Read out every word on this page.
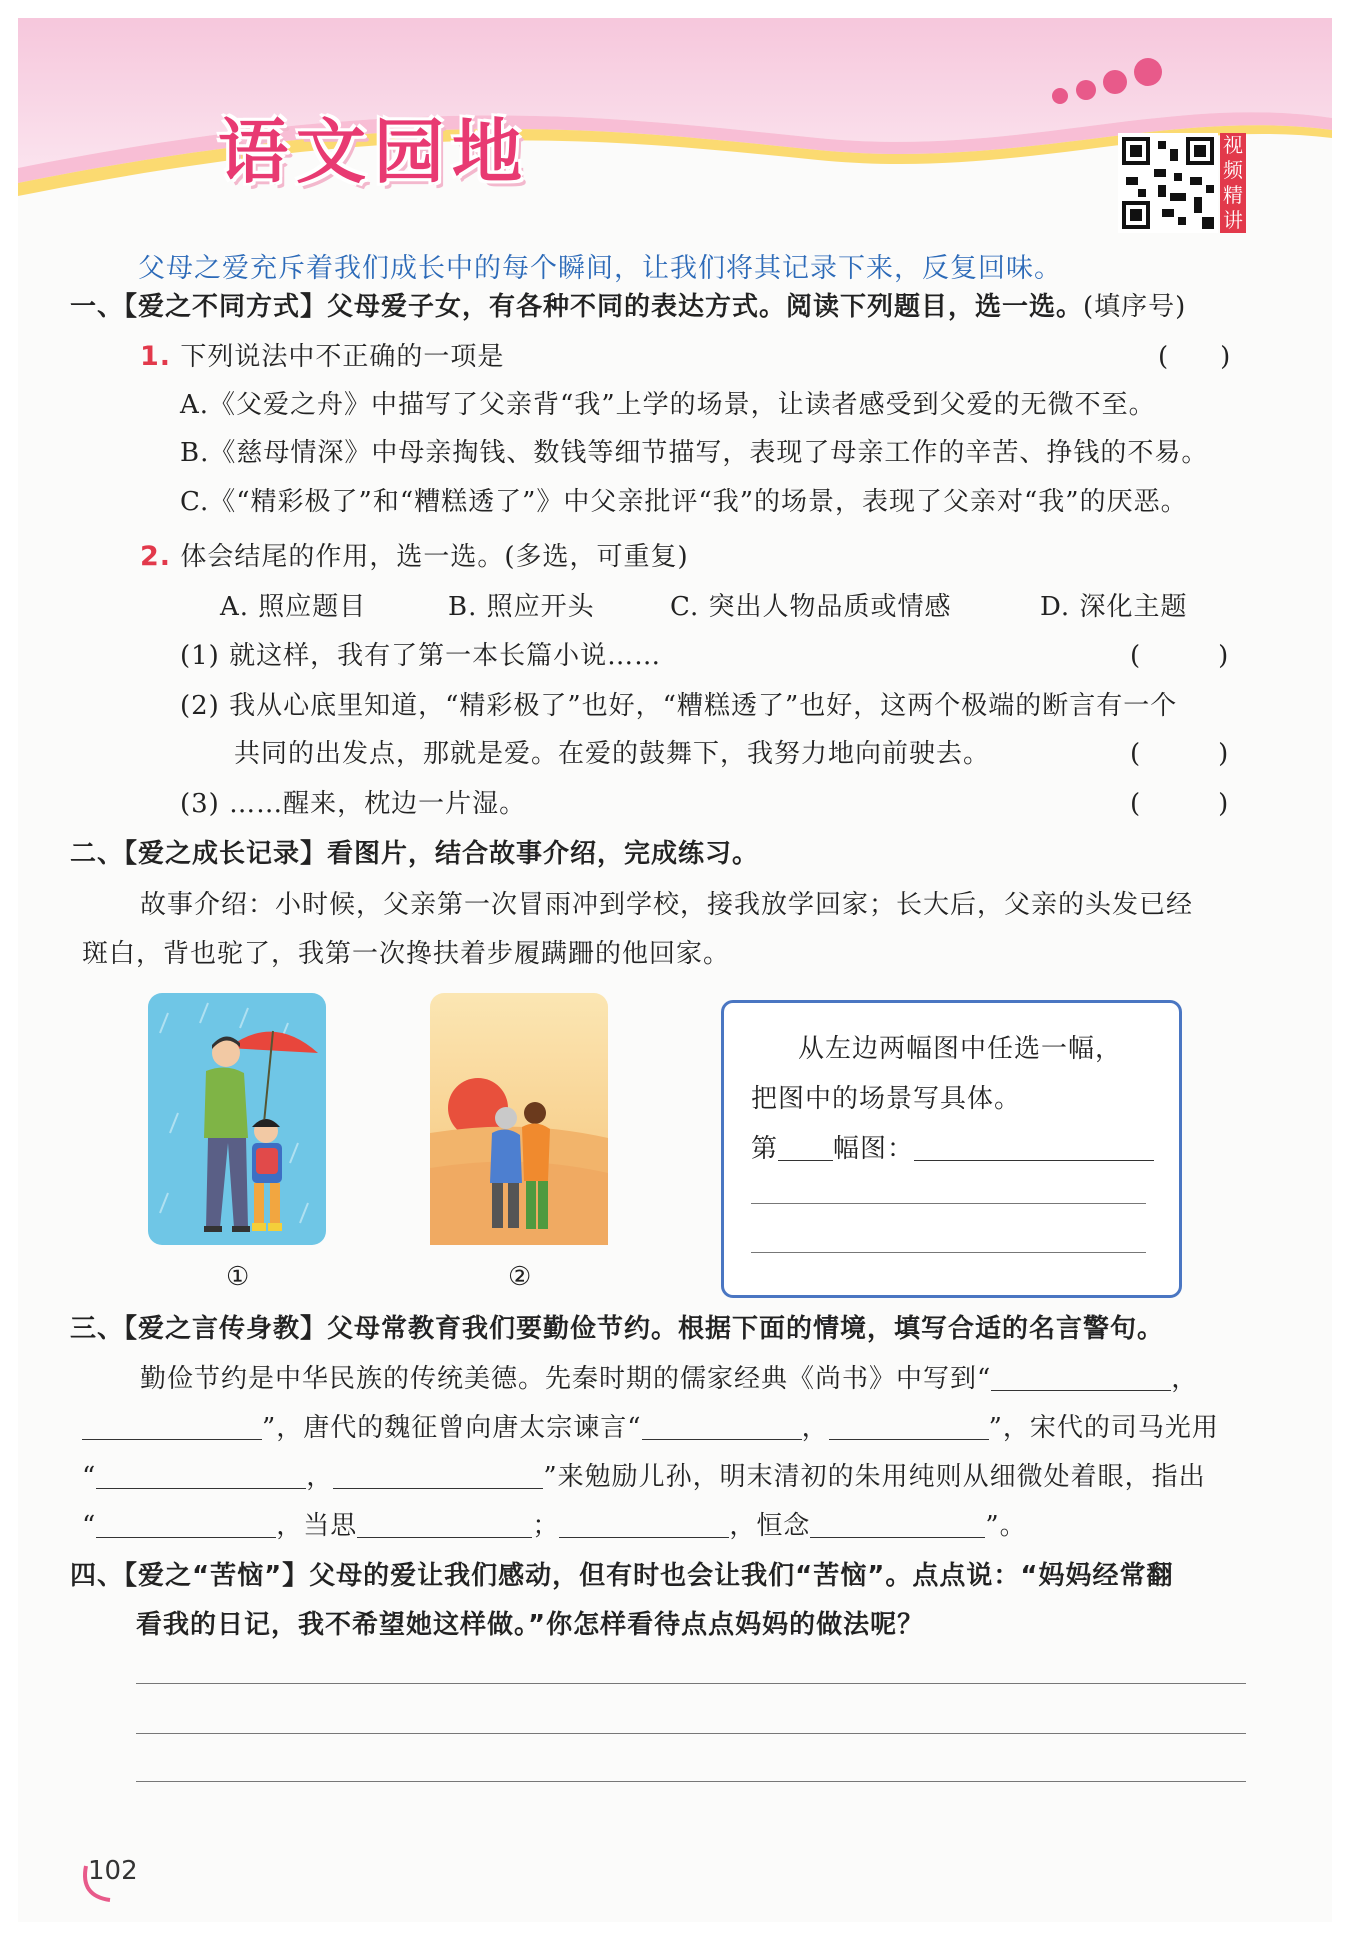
语文园地	视
频
精
讲
父母之爱充斥着我们成长中的每个瞬间，让我们将其记录下来，反复回味。
一、【爱之不同方式】父母爱子女，有各种不同的表达方式。阅读下列题目，选一选。(填序号)
1. 下列说法中不正确的一项是	(　　)
A.《父爱之舟》中描写了父亲背“我”上学的场景，让读者感受到父爱的无微不至。
B.《慈母情深》中母亲掏钱、数钱等细节描写，表现了母亲工作的辛苦、挣钱的不易。
C.《“精彩极了”和“糟糕透了”》中父亲批评“我”的场景，表现了父亲对“我”的厌恶。
2. 体会结尾的作用，选一选。(多选，可重复)
A. 照应题目	B. 照应开头	C. 突出人物品质或情感	D. 深化主题
(1) 就这样，我有了第一本长篇小说……	(　　　)
(2) 我从心底里知道，“精彩极了”也好，“糟糕透了”也好，这两个极端的断言有一个
共同的出发点，那就是爱。在爱的鼓舞下，我努力地向前驶去。	(　　　)
(3) ……醒来，枕边一片湿。	(　　　)
二、【爱之成长记录】看图片，结合故事介绍，完成练习。
故事介绍：小时候，父亲第一次冒雨冲到学校，接我放学回家；长大后，父亲的头发已经
斑白，背也驼了，我第一次搀扶着步履蹒跚的他回家。
①	②
从左边两幅图中任选一幅，
把图中的场景写具体。
第 幅图：
三、【爱之言传身教】父母常教育我们要勤俭节约。根据下面的情境，填写合适的名言警句。
勤俭节约是中华民族的传统美德。先秦时期的儒家经典《尚书》中写到“	，
”，唐代的魏征曾向唐太宗谏言“	，	”，宋代的司马光用
“	，	”来勉励儿孙，明末清初的朱用纯则从细微处着眼，指出
“	，当思	；	，恒念	”。
四、【爱之“苦恼”】父母的爱让我们感动，但有时也会让我们“苦恼”。点点说：“妈妈经常翻
看我的日记，我不希望她这样做。”你怎样看待点点妈妈的做法呢？
102
